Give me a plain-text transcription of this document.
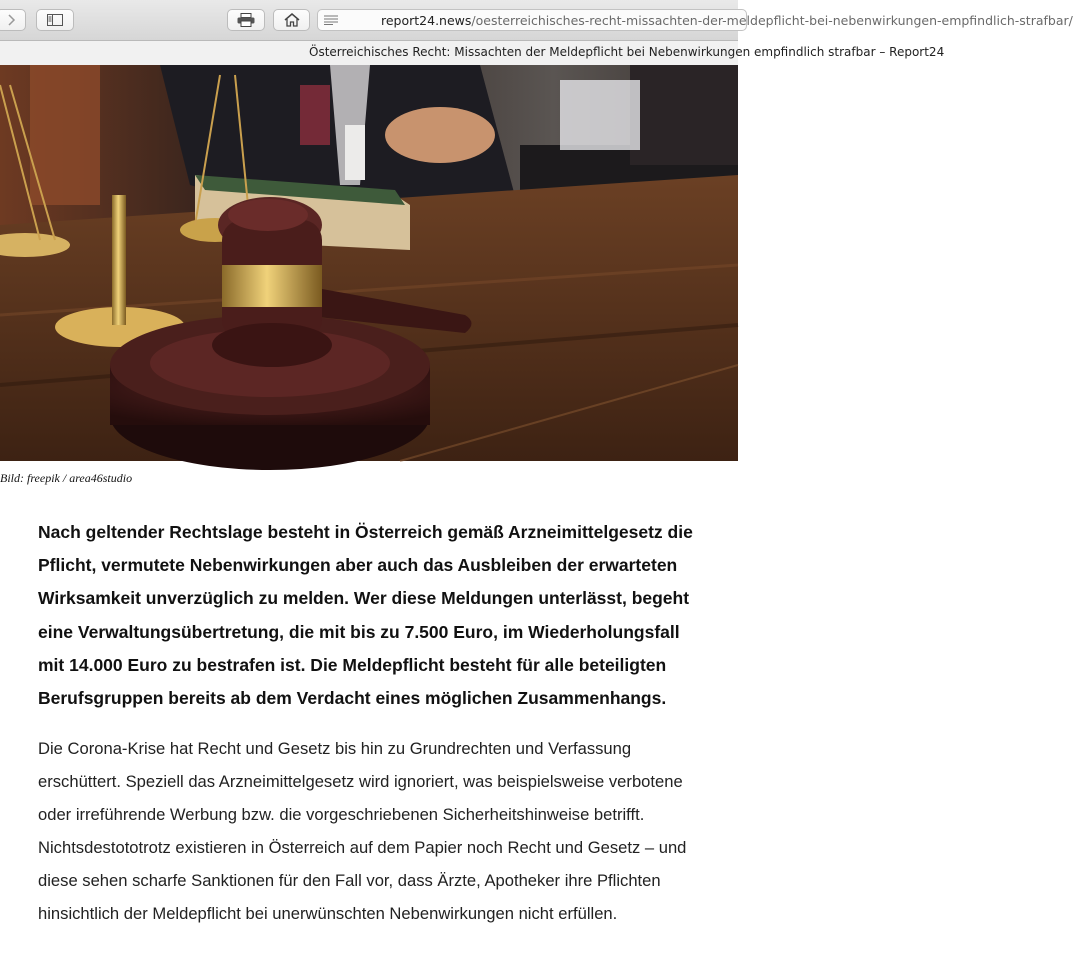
report24.news/oesterreichisches-recht-missachten-der-meldepflicht-bei-nebenwirkungen-empfindlich-strafbar/
Österreichisches Recht: Missachten der Meldepflicht bei Nebenwirkungen empfindlich strafbar – Report24
Bild: freepik / area46studio

Nach geltender Rechtslage besteht in Österreich gemäß Arzneimittelgesetz die Pflicht, vermutete Nebenwirkungen aber auch das Ausbleiben der erwarteten Wirksamkeit unverzüglich zu melden. Wer diese Meldungen unterlässt, begeht eine Verwaltungsübertretung, die mit bis zu 7.500 Euro, im Wiederholungsfall mit 14.000 Euro zu bestrafen ist. Die Meldepflicht besteht für alle beteiligten Berufsgruppen bereits ab dem Verdacht eines möglichen Zusammenhangs.

Die Corona-Krise hat Recht und Gesetz bis hin zu Grundrechten und Verfassung erschüttert. Speziell das Arzneimittelgesetz wird ignoriert, was beispielsweise verbotene oder irreführende Werbung bzw. die vorgeschriebenen Sicherheitshinweise betrifft. Nichtsdestototrotz existieren in Österreich auf dem Papier noch Recht und Gesetz – und diese sehen scharfe Sanktionen für den Fall vor, dass Ärzte, Apotheker ihre Pflichten hinsichtlich der Meldepflicht bei unerwünschten Nebenwirkungen nicht erfüllen.
